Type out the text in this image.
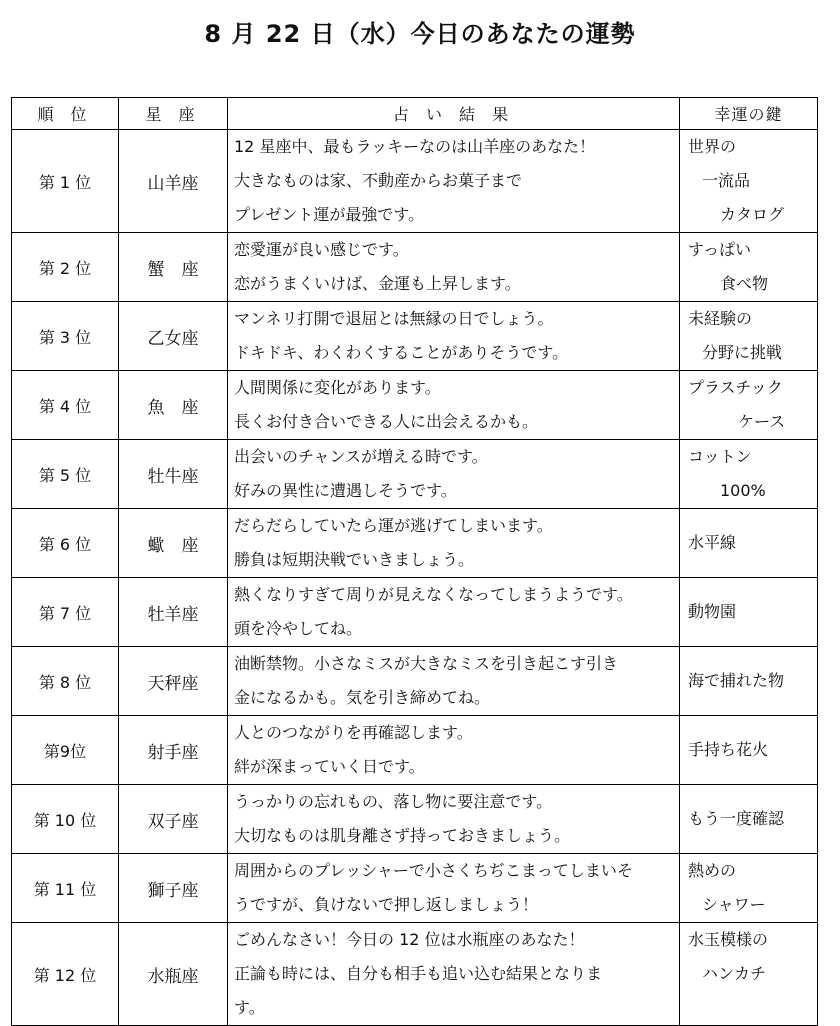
8 月 22 日（水）今日のあなたの運勢
順 位	星 座	占 い 結 果	幸運の鍵
第 1 位	山羊座	12 星座中、最もラッキーなのは山羊座のあなた！
大きなものは家、不動産からお菓子まで
プレゼント運が最強です。	世界の
一流品
カタログ

第 2 位	蟹　座	恋愛運が良い感じです。
恋がうまくいけば、金運も上昇します。	すっぱい
食べ物

第 3 位	乙女座	マンネリ打開で退屈とは無縁の日でしょう。
ドキドキ、わくわくすることがありそうです。	未経験の
分野に挑戦

第 4 位	魚　座	人間関係に変化があります。
長くお付き合いできる人に出会えるかも。	プラスチック
ケース

第 5 位	牡牛座	出会いのチャンスが増える時です。
好みの異性に遭遇しそうです。	コットン
100%

第 6 位	蠍　座	だらだらしていたら運が逃げてしまいます。
勝負は短期決戦でいきましょう。	水平線

第 7 位	牡羊座	熱くなりすぎて周りが見えなくなってしまうようです。
頭を冷やしてね。	動物園

第 8 位	天秤座	油断禁物。小さなミスが大きなミスを引き起こす引き
金になるかも。気を引き締めてね。	海で捕れた物

第9位	射手座	人とのつながりを再確認します。
絆が深まっていく日です。	手持ち花火

第 10 位	双子座	うっかりの忘れもの、落し物に要注意です。
大切なものは肌身離さず持っておきましょう。	もう一度確認

第 11 位	獅子座	周囲からのプレッシャーで小さくちぢこまってしまいそ
うですが、負けないで押し返しましょう！	熱めの
シャワー

第 12 位	水瓶座	ごめんなさい！今日の 12 位は水瓶座のあなた！
正論も時には、自分も相手も追い込む結果となりま
す。	水玉模様の
ハンカチ
